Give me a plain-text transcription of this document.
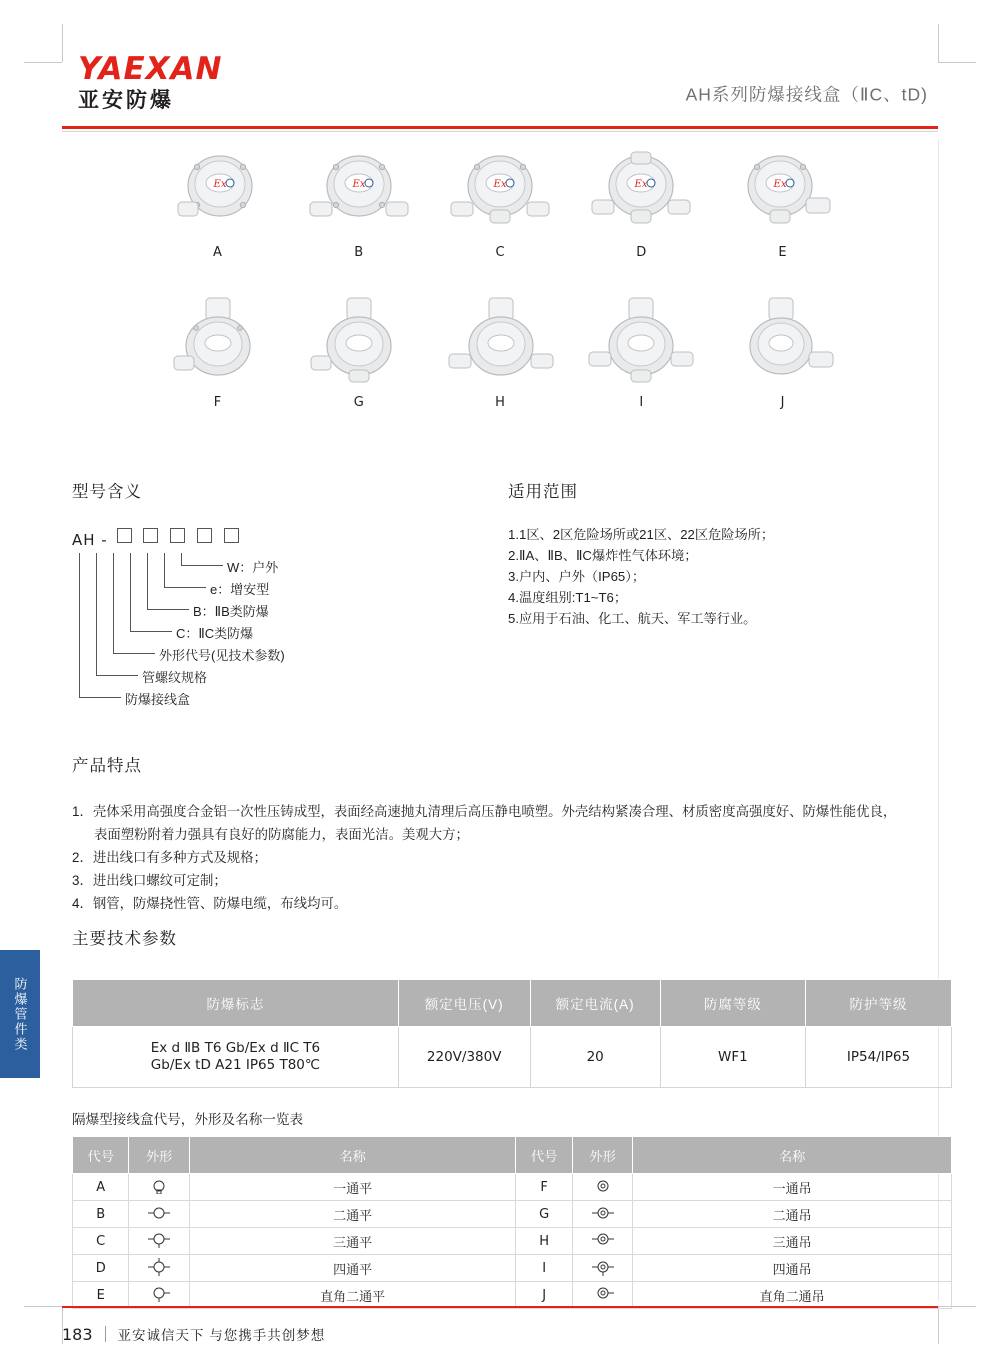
YAEXAN
亚安防爆	AH系列防爆接线盒（ⅡC、tD)
Ex
A
Ex
B
Ex
C
Ex
D
Ex
E
F	G	H	I	J
型号含义
AH -
W：户外
e：增安型
B：ⅡB类防爆
C：ⅡC类防爆
外形代号(见技术参数)
管螺纹规格
防爆接线盒
适用范围
1.1区、2区危险场所或21区、22区危险场所；
2.ⅡA、ⅡB、ⅡC爆炸性气体环境；
3.户内、户外（IP65）；
4.温度组别:T1~T6；
5.应用于石油、化工、航天、军工等行业。
产品特点

1．壳体采用高强度合金铝一次性压铸成型，表面经高速抛丸清理后高压静电喷塑。外壳结构紧凑合理、材质密度高强度好、防爆性能优良，

表面塑粉附着力强具有良好的防腐能力，表面光洁。美观大方；

2．进出线口有多种方式及规格；

3．进出线口螺纹可定制；

4．钢管，防爆挠性管、防爆电缆，布线均可。

主要技术参数
防爆标志	额定电压(V)	额定电流(A)	防腐等级	防护等级

Ex d ⅡB T6 Gb/Ex d ⅡC T6
Gb/Ex tD A21 IP65 T80℃	220V/380V	20	WF1	IP54/IP65
隔爆型接线盒代号，外形及名称一览表
代号	外形	名称	代号	外形	名称
A		一通平	F		一通吊
B		二通平	G		二通吊
C		三通平	H		三通吊
D		四通平	I		四通吊
E		直角二通平	J		直角二通吊
防爆管件类
183 亚安诚信天下 与您携手共创梦想
